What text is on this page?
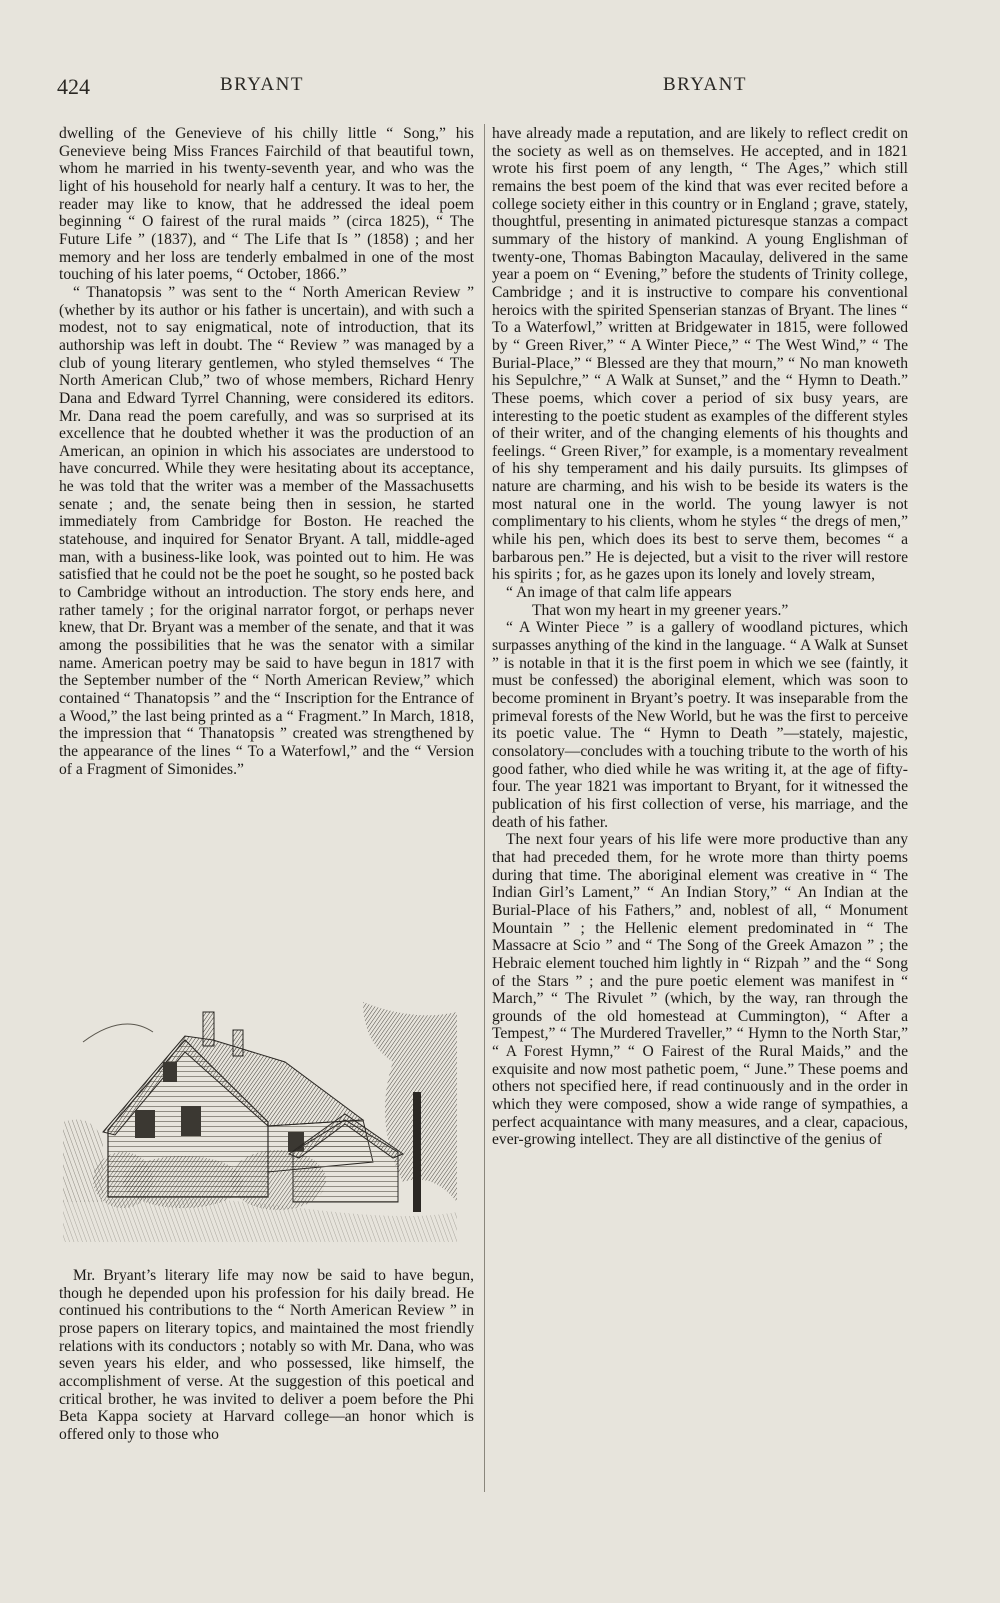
424	BRYANT	BRYANT

dwelling of the Genevieve of his chilly little “ Song,” his Genevieve being Miss Frances Fairchild of that beautiful town, whom he married in his twenty-seventh year, and who was the light of his household for nearly half a century. It was to her, the reader may like to know, that he addressed the ideal poem beginning “ O fairest of the rural maids ” (circa 1825), “ The Future Life ” (1837), and “ The Life that Is ” (1858) ; and her memory and her loss are tenderly embalmed in one of the most touching of his later poems, “ October, 1866.”

“ Thanatopsis ” was sent to the “ North American Review ” (whether by its author or his father is uncertain), and with such a modest, not to say enigmatical, note of introduction, that its authorship was left in doubt. The “ Review ” was managed by a club of young literary gentlemen, who styled themselves “ The North American Club,” two of whose members, Richard Henry Dana and Edward Tyrrel Channing, were considered its editors. Mr. Dana read the poem carefully, and was so surprised at its excellence that he doubted whether it was the production of an American, an opinion in which his associates are understood to have concurred. While they were hesitating about its acceptance, he was told that the writer was a member of the Massachusetts senate ; and, the senate being then in session, he started immediately from Cambridge for Boston. He reached the statehouse, and inquired for Senator Bryant. A tall, middle-aged man, with a business-like look, was pointed out to him. He was satisfied that he could not be the poet he sought, so he posted back to Cambridge without an introduction. The story ends here, and rather tamely ; for the original narrator forgot, or perhaps never knew, that Dr. Bryant was a member of the senate, and that it was among the possibilities that he was the senator with a similar name. American poetry may be said to have begun in 1817 with the September number of the “ North American Review,” which contained “ Thanatopsis ” and the “ Inscription for the Entrance of a Wood,” the last being printed as a “ Fragment.” In March, 1818, the impression that “ Thanatopsis ” created was strengthened by the appearance of the lines “ To a Waterfowl,” and the “ Version of a Fragment of Simonides.”

Mr. Bryant’s literary life may now be said to have begun, though he depended upon his profession for his daily bread. He continued his contributions to the “ North American Review ” in prose papers on literary topics, and maintained the most friendly relations with its conductors ; notably so with Mr. Dana, who was seven years his elder, and who possessed, like himself, the accomplishment of verse. At the suggestion of this poetical and critical brother, he was invited to deliver a poem before the Phi Beta Kappa society at Harvard college—an honor which is offered only to those who

have already made a reputation, and are likely to reflect credit on the society as well as on themselves. He accepted, and in 1821 wrote his first poem of any length, “ The Ages,” which still remains the best poem of the kind that was ever recited before a college society either in this country or in England ; grave, stately, thoughtful, presenting in animated picturesque stanzas a compact summary of the history of mankind. A young Englishman of twenty-one, Thomas Babington Macaulay, delivered in the same year a poem on “ Evening,” before the students of Trinity college, Cambridge ; and it is instructive to compare his conventional heroics with the spirited Spenserian stanzas of Bryant. The lines “ To a Waterfowl,” written at Bridgewater in 1815, were followed by “ Green River,” “ A Winter Piece,” “ The West Wind,” “ The Burial-Place,” “ Blessed are they that mourn,” “ No man knoweth his Sepulchre,” “ A Walk at Sunset,” and the “ Hymn to Death.” These poems, which cover a period of six busy years, are interesting to the poetic student as examples of the different styles of their writer, and of the changing elements of his thoughts and feelings. “ Green River,” for example, is a momentary revealment of his shy temperament and his daily pursuits. Its glimpses of nature are charming, and his wish to be beside its waters is the most natural one in the world. The young lawyer is not complimentary to his clients, whom he styles “ the dregs of men,” while his pen, which does its best to serve them, becomes “ a barbarous pen.” He is dejected, but a visit to the river will restore his spirits ; for, as he gazes upon its lonely and lovely stream,

“ An image of that calm life appears

That won my heart in my greener years.”

“ A Winter Piece ” is a gallery of woodland pictures, which surpasses anything of the kind in the language. “ A Walk at Sunset ” is notable in that it is the first poem in which we see (faintly, it must be confessed) the aboriginal element, which was soon to become prominent in Bryant’s poetry. It was inseparable from the primeval forests of the New World, but he was the first to perceive its poetic value. The “ Hymn to Death ”—stately, majestic, consolatory—concludes with a touching tribute to the worth of his good father, who died while he was writing it, at the age of fifty-four. The year 1821 was important to Bryant, for it witnessed the publication of his first collection of verse, his marriage, and the death of his father.

The next four years of his life were more productive than any that had preceded them, for he wrote more than thirty poems during that time. The aboriginal element was creative in “ The Indian Girl’s Lament,” “ An Indian Story,” “ An Indian at the Burial-Place of his Fathers,” and, noblest of all, “ Monument Mountain ” ; the Hellenic element predominated in “ The Massacre at Scio ” and “ The Song of the Greek Amazon ” ; the Hebraic element touched him lightly in “ Rizpah ” and the “ Song of the Stars ” ; and the pure poetic element was manifest in “ March,” “ The Rivulet ” (which, by the way, ran through the grounds of the old homestead at Cummington), “ After a Tempest,” “ The Murdered Traveller,” “ Hymn to the North Star,” “ A Forest Hymn,” “ O Fairest of the Rural Maids,” and the exquisite and now most pathetic poem, “ June.” These poems and others not specified here, if read continuously and in the order in which they were composed, show a wide range of sympathies, a perfect acquaintance with many measures, and a clear, capacious, ever-growing intellect. They are all distinctive of the genius of
